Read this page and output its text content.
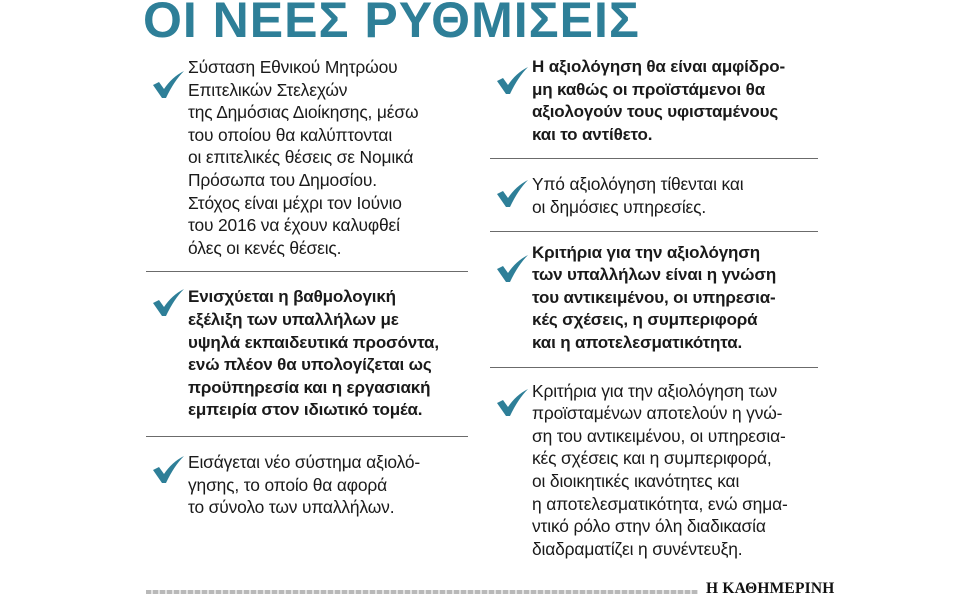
ΟΙ ΝΕΕΣ ΡΥΘΜΙΣΕΙΣ

Σύσταση Εθνικού Μητρώου
Επιτελικών Στελεχών
της Δημόσιας Διοίκησης, μέσω
του οποίου θα καλύπτονται
οι επιτελικές θέσεις σε Νομικά
Πρόσωπα του Δημοσίου.
Στόχος είναι μέχρι τον Ιούνιο
του 2016 να έχουν καλυφθεί
όλες οι κενές θέσεις.

Ενισχύεται η βαθμολογική
εξέλιξη των υπαλλήλων με
υψηλά εκπαιδευτικά προσόντα,
ενώ πλέον θα υπολογίζεται ως
προϋπηρεσία και η εργασιακή
εμπειρία στον ιδιωτικό τομέα.

Εισάγεται νέο σύστημα αξιολό-
γησης, το οποίο θα αφορά
το σύνολο των υπαλλήλων.

Η αξιολόγηση θα είναι αμφίδρο-
μη καθώς οι προϊστάμενοι θα
αξιολογούν τους υφισταμένους
και το αντίθετο.

Υπό αξιολόγηση τίθενται και
οι δημόσιες υπηρεσίες.

Κριτήρια για την αξιολόγηση
των υπαλλήλων είναι η γνώση
του αντικειμένου, οι υπηρεσια-
κές σχέσεις, η συμπεριφορά
και η αποτελεσματικότητα.

Κριτήρια για την αξιολόγηση των
προϊσταμένων αποτελούν η γνώ-
ση του αντικειμένου, οι υπηρεσια-
κές σχέσεις και η συμπεριφορά,
οι διοικητικές ικανότητες και
η αποτελεσματικότητα, ενώ σημα-
ντικό ρόλο στην όλη διαδικασία
διαδραματίζει η συνέντευξη.

Η ΚΑΘΗΜΕΡΙΝΗ
